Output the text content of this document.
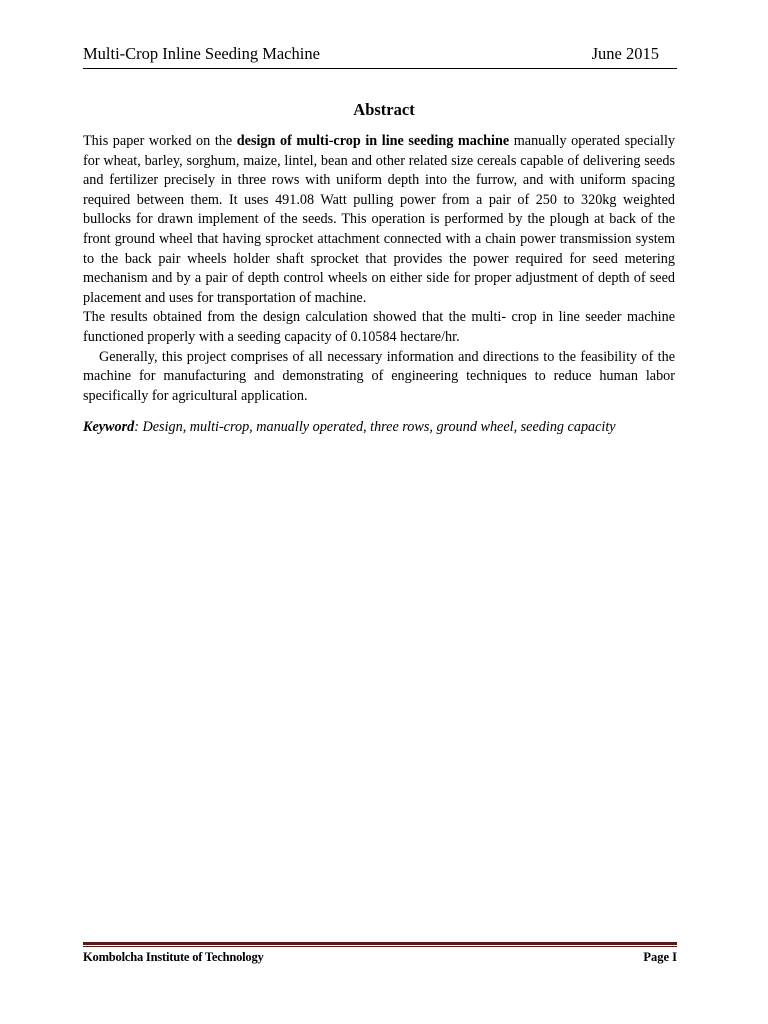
Multi-Crop Inline Seeding Machine	June 2015
Abstract

This paper worked on the design of multi-crop in line seeding machine manually operated specially for wheat, barley, sorghum, maize, lintel, bean and other related size cereals capable of delivering seeds and fertilizer precisely in three rows with uniform depth into the furrow, and with uniform spacing required between them. It uses 491.08 Watt pulling power from a pair of 250 to 320kg weighted bullocks for drawn implement of the seeds. This operation is performed by the plough at back of the front ground wheel that having sprocket attachment connected with a chain power transmission system to the back pair wheels holder shaft sprocket that provides the power required for seed metering mechanism and by a pair of depth control wheels on either side for proper adjustment of depth of seed placement and uses for transportation of machine.

The results obtained from the design calculation showed that the multi- crop in line seeder machine functioned properly with a seeding capacity of 0.10584 hectare/hr.

Generally, this project comprises of all necessary information and directions to the feasibility of the machine for manufacturing and demonstrating of engineering techniques to reduce human labor specifically for agricultural application.

Keyword: Design, multi-crop, manually operated, three rows, ground wheel, seeding capacity

Kombolcha Institute of Technology	Page I
